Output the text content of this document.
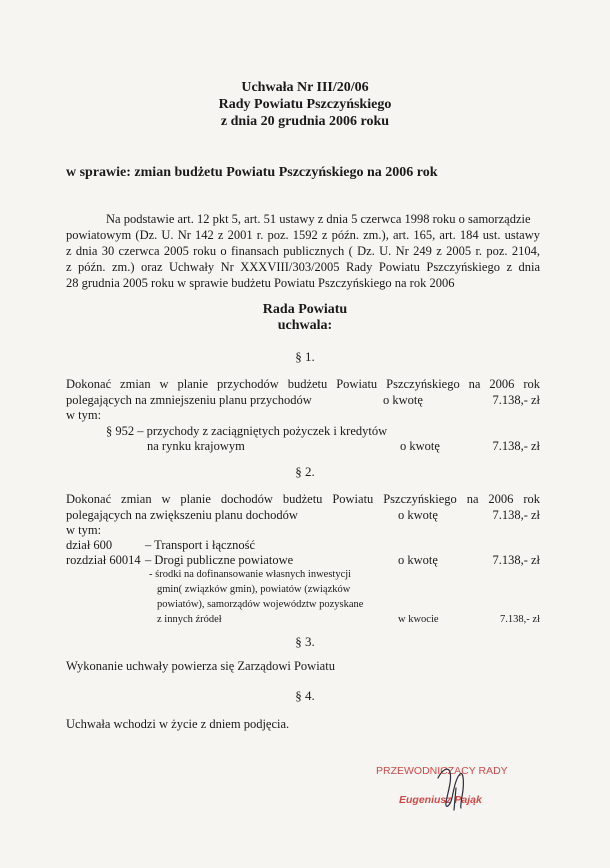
Uchwała Nr III/20/06
Rady Powiatu Pszczyńskiego
z dnia 20 grudnia 2006 roku
w sprawie: zmian budżetu Powiatu Pszczyńskiego na 2006 rok
Na podstawie art. 12 pkt 5, art. 51 ustawy z dnia 5 czerwca 1998 roku o samorządzie
powiatowym (Dz. U. Nr 142 z 2001 r. poz. 1592 z późn. zm.), art. 165, art. 184 ust. ustawy
z dnia 30 czerwca 2005 roku o finansach publicznych ( Dz. U. Nr 249 z 2005 r. poz. 2104,
z późn. zm.) oraz Uchwały Nr XXXVIII/303/2005 Rady Powiatu Pszczyńskiego z dnia
28 grudnia 2005 roku w sprawie budżetu Powiatu Pszczyńskiego na rok 2006
Rada Powiatu
uchwala:
§ 1.
Dokonać zmian w planie przychodów budżetu Powiatu Pszczyńskiego na 2006 rok
polegających na zmniejszeniu planu przychodów	o kwotę	7.138,- zł
w tym:
§ 952 – przychody z zaciągniętych pożyczek i kredytów
na rynku krajowym	o kwotę	7.138,- zł
§ 2.
Dokonać zmian w planie dochodów budżetu Powiatu Pszczyńskiego na 2006 rok
polegających na zwiększeniu planu dochodów	o kwotę	7.138,- zł
w tym:
dział 600	– Transport i łączność
rozdział 60014 – Drogi publiczne powiatowe	o kwotę	7.138,- zł
- środki na dofinansowanie własnych inwestycji
gmin( związków gmin), powiatów (związków
powiatów), samorządów województw pozyskane
z innych źródeł	w kwocie	7.138,- zł
§ 3.
Wykonanie uchwały powierza się Zarządowi Powiatu
§ 4.
Uchwała wchodzi w życie z dniem podjęcia.
PRZEWODNICZĄCY RADY
Eugeniusz Pająk
